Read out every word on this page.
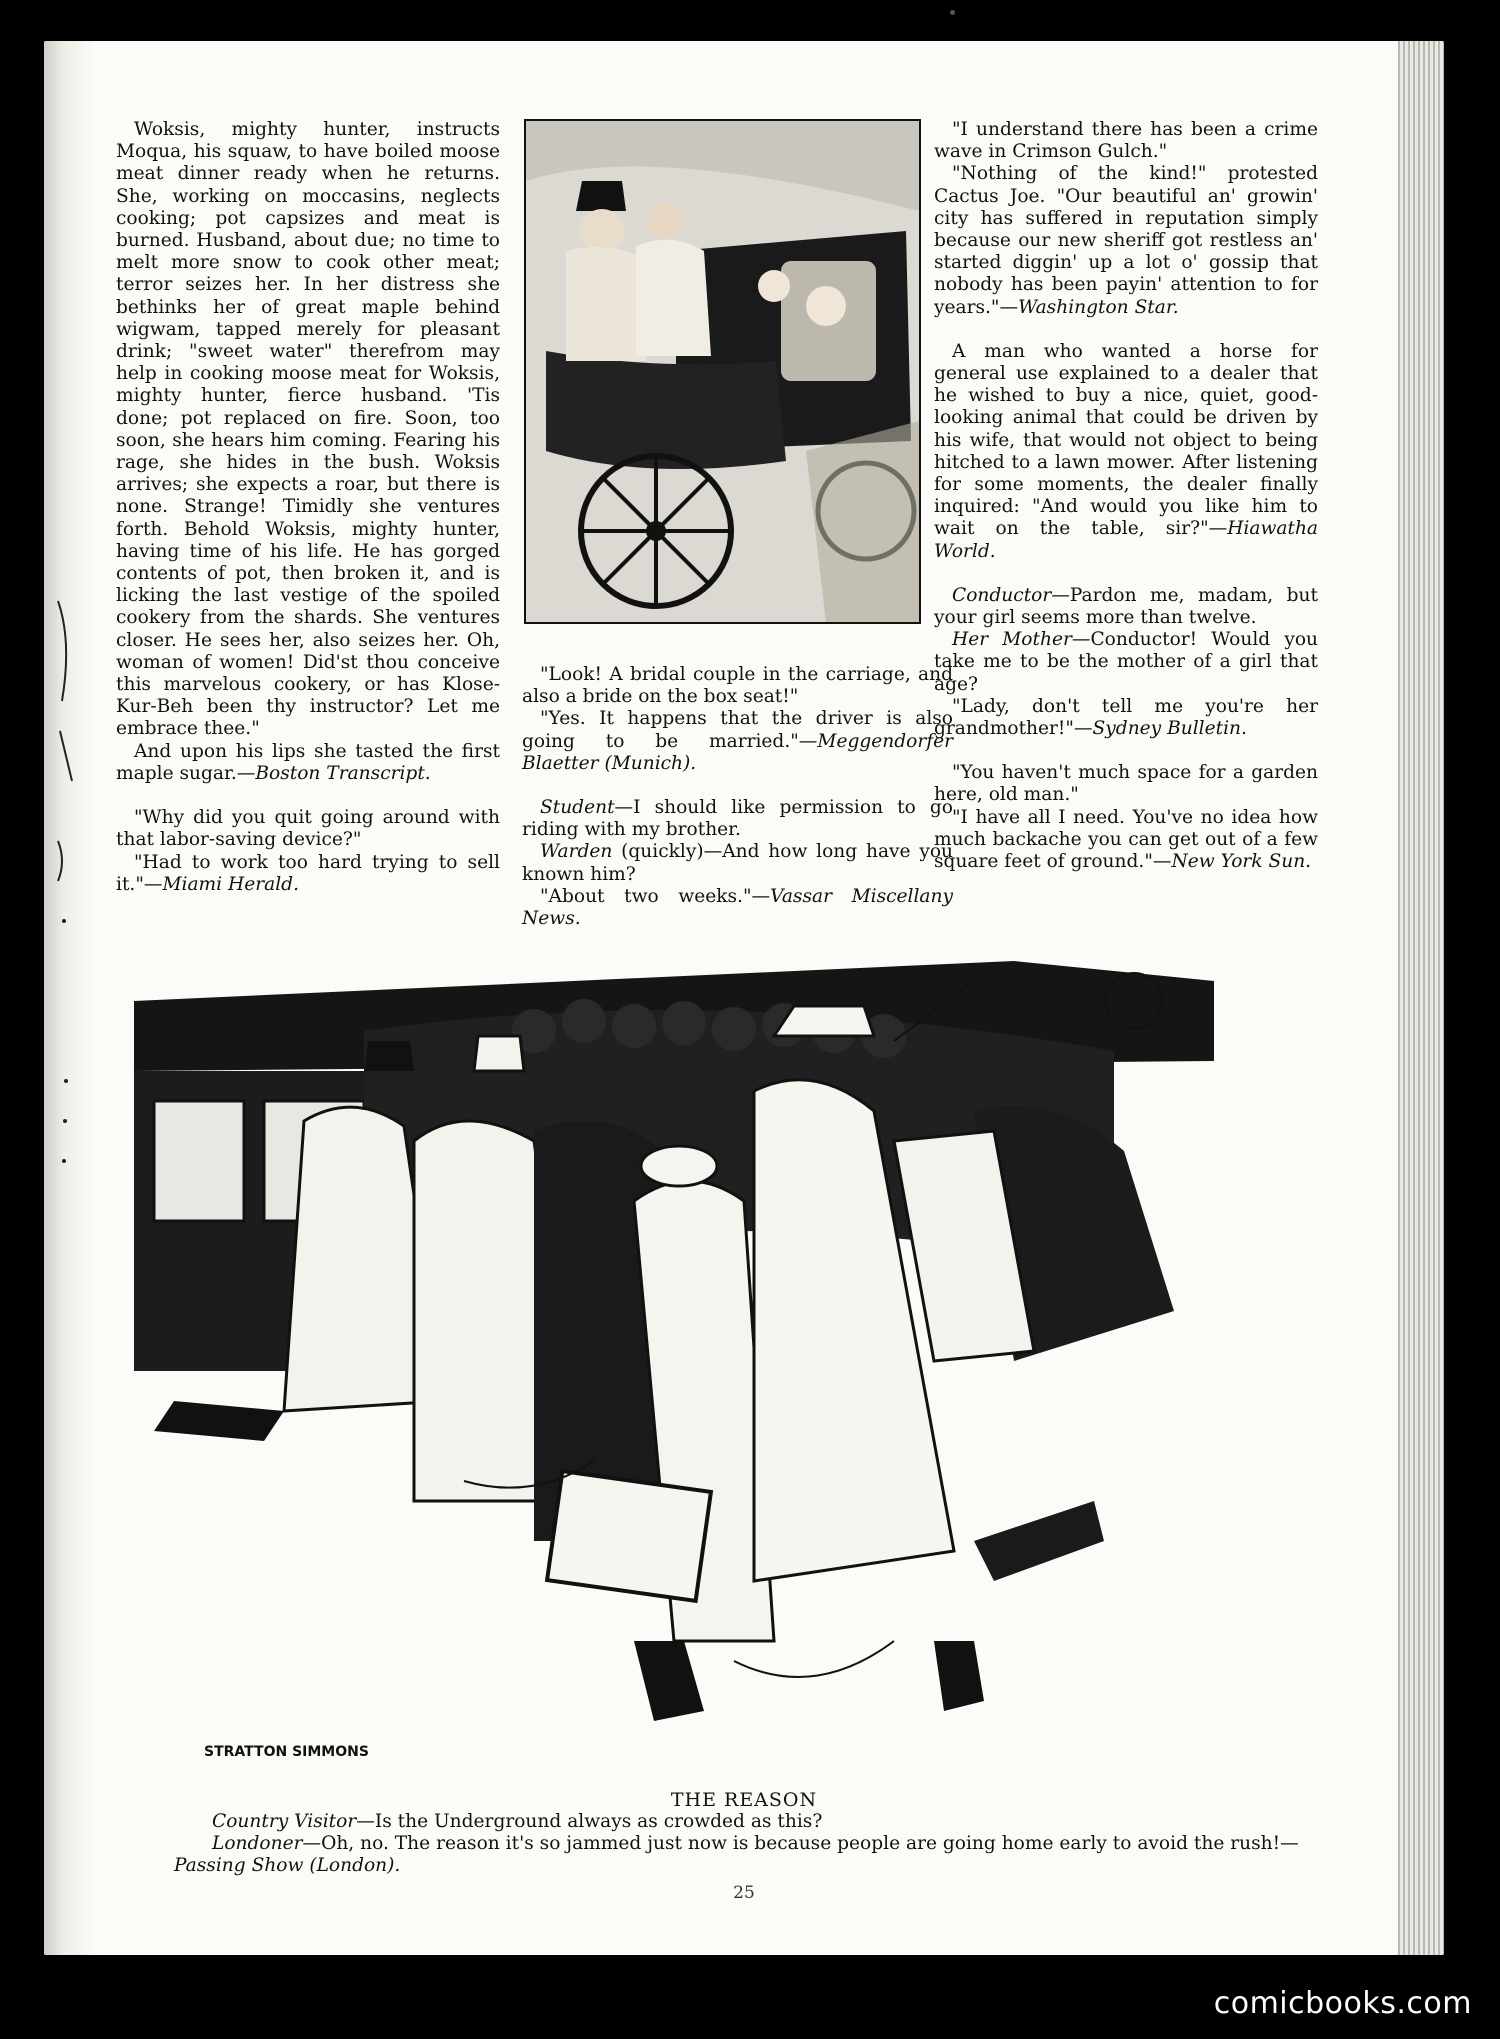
Woksis, mighty hunter, instructs Moqua, his squaw, to have boiled moose meat dinner ready when he returns. She, working on moccasins, neglects cooking; pot capsizes and meat is burned. Husband, about due; no time to melt more snow to cook other meat; terror seizes her. In her distress she bethinks her of great maple behind wigwam, tapped merely for pleasant drink; "sweet water" therefrom may help in cooking moose meat for Woksis, mighty hunter, fierce husband. 'Tis done; pot replaced on fire. Soon, too soon, she hears him coming. Fearing his rage, she hides in the bush. Woksis arrives; she expects a roar, but there is none. Strange! Timidly she ventures forth. Behold Woksis, mighty hunter, having time of his life. He has gorged contents of pot, then broken it, and is licking the last vestige of the spoiled cookery from the shards. She ventures closer. He sees her, also seizes her. Oh, woman of women! Did'st thou conceive this marvelous cookery, or has Klose-Kur-Beh been thy instructor? Let me embrace thee."

And upon his lips she tasted the first maple sugar.—Boston Transcript.

"Why did you quit going around with that labor-saving device?"

"Had to work too hard trying to sell it."—Miami Herald.

"Look! A bridal couple in the carriage, and also a bride on the box seat!"

"Yes. It happens that the driver is also going to be married."—Meggendorfer Blaetter (Munich).

Student—I should like permission to go riding with my brother.

Warden (quickly)—And how long have you known him?

"About two weeks."—Vassar Miscellany News.

"I understand there has been a crime wave in Crimson Gulch."

"Nothing of the kind!" protested Cactus Joe. "Our beautiful an' growin' city has suffered in reputation simply because our new sheriff got restless an' started diggin' up a lot o' gossip that nobody has been payin' attention to for years."—Washington Star.

A man who wanted a horse for general use explained to a dealer that he wished to buy a nice, quiet, good-looking animal that could be driven by his wife, that would not object to being hitched to a lawn mower. After listening for some moments, the dealer finally inquired: "And would you like him to wait on the table, sir?"—Hiawatha World.

Conductor—Pardon me, madam, but your girl seems more than twelve.

Her Mother—Conductor! Would you take me to be the mother of a girl that age?

"Lady, don't tell me you're her grandmother!"—Sydney Bulletin.

"You haven't much space for a garden here, old man."

"I have all I need. You've no idea how much backache you can get out of a few square feet of ground."—New York Sun.

STRATTON SIMMONS
THE REASON

Country Visitor—Is the Underground always as crowded as this?

Londoner—Oh, no. The reason it's so jammed just now is because people are going home early to avoid the rush!—Passing Show (London).

25
comicbooks.com
